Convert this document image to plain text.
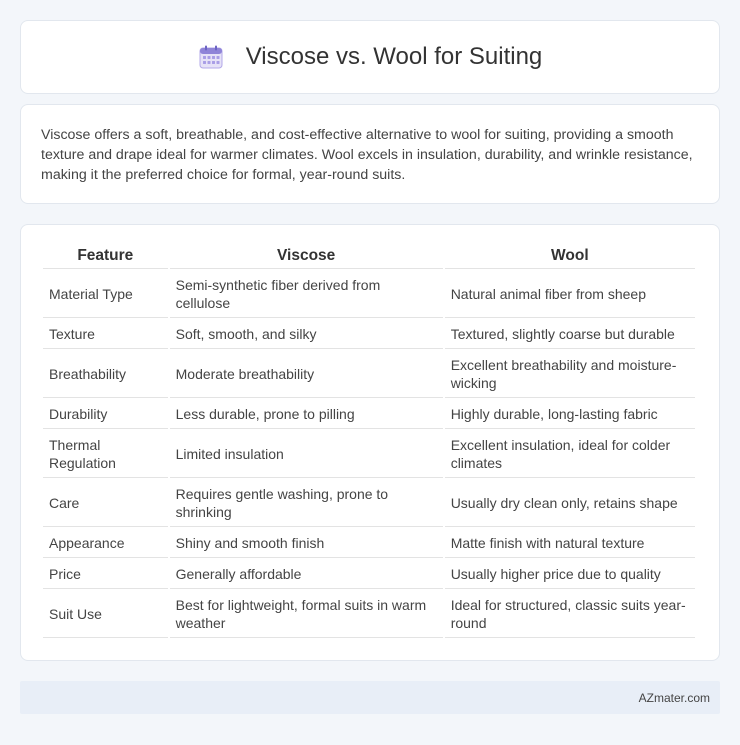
Viscose vs. Wool for Suiting

Viscose offers a soft, breathable, and cost-effective alternative to wool for suiting, providing a smooth texture and drape ideal for warmer climates. Wool excels in insulation, durability, and wrinkle resistance, making it the preferred choice for formal, year-round suits.

Feature	Viscose	Wool
Material Type	Semi-synthetic fiber derived from cellulose	Natural animal fiber from sheep
Texture	Soft, smooth, and silky	Textured, slightly coarse but durable
Breathability	Moderate breathability	Excellent breathability and moisture-wicking
Durability	Less durable, prone to pilling	Highly durable, long-lasting fabric
Thermal Regulation	Limited insulation	Excellent insulation, ideal for colder climates
Care	Requires gentle washing, prone to shrinking	Usually dry clean only, retains shape
Appearance	Shiny and smooth finish	Matte finish with natural texture
Price	Generally affordable	Usually higher price due to quality
Suit Use	Best for lightweight, formal suits in warm weather	Ideal for structured, classic suits year-round
AZmater.com
